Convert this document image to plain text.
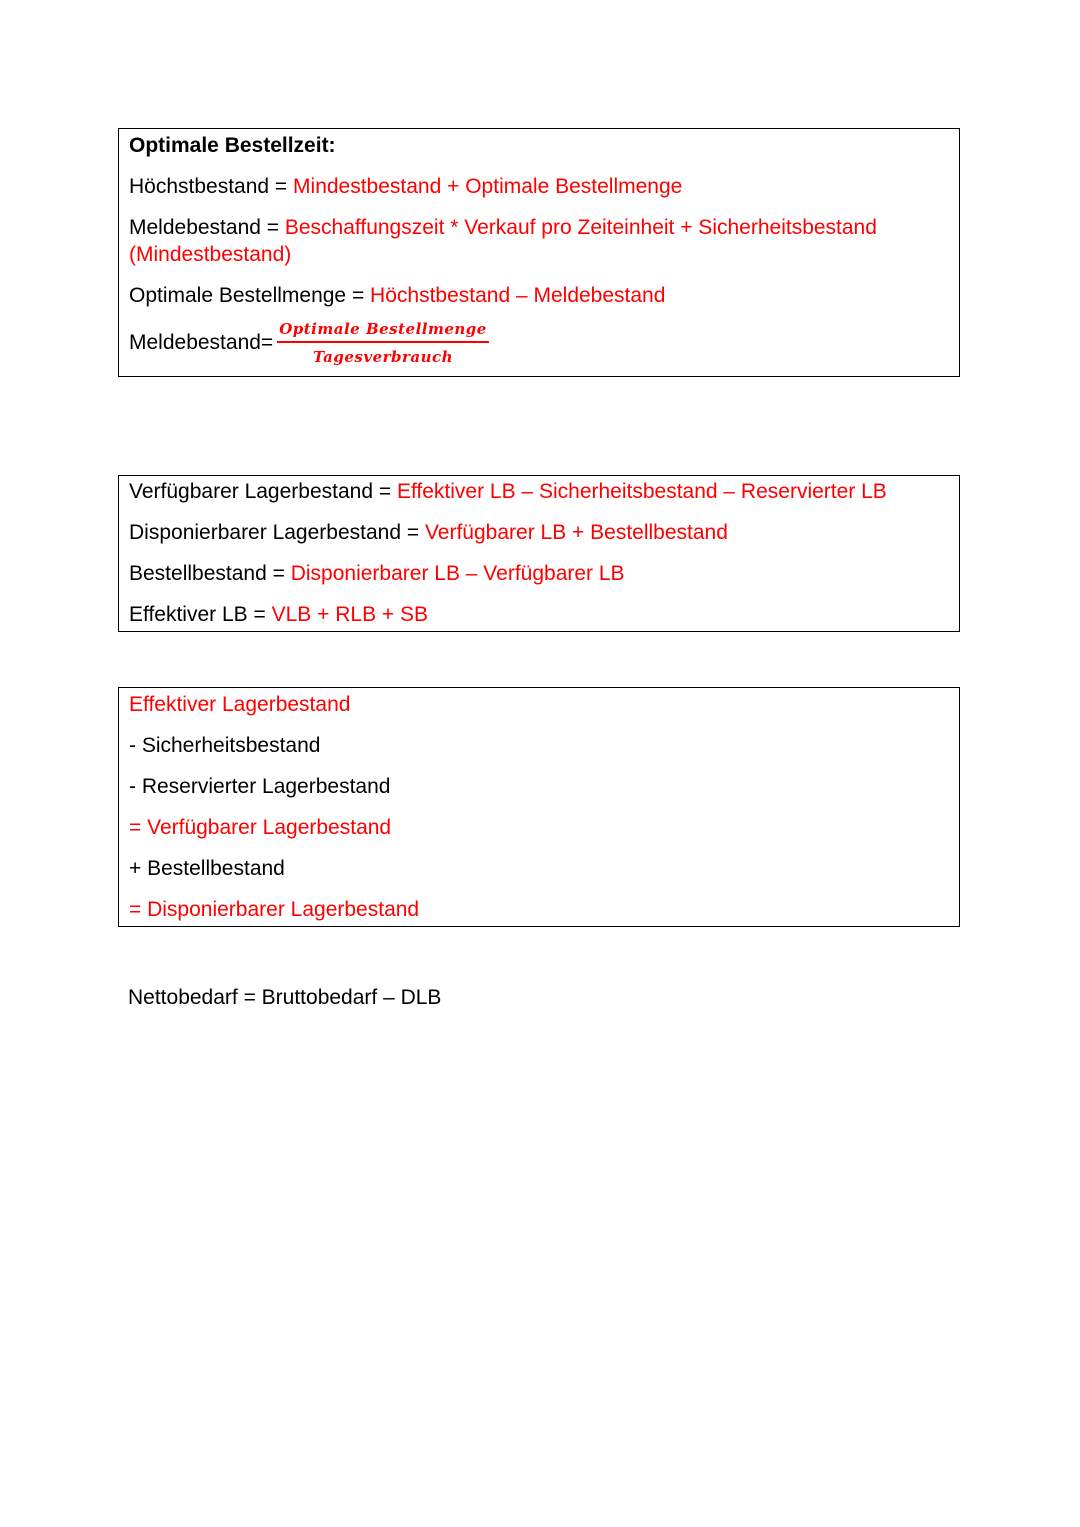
Optimale Bestellzeit:
Höchstbestand = Mindestbestand + Optimale Bestellmenge
Meldebestand = Beschaffungszeit * Verkauf pro Zeiteinheit + Sicherheitsbestand
(Mindestbestand)
Optimale Bestellmenge = Höchstbestand – Meldebestand
Meldebestand= $\frac{\text{Optimale Bestellmenge}}{\text{Tagesverbrauch}}$
Verfügbarer Lagerbestand = Effektiver LB – Sicherheitsbestand – Reservierter LB
Disponierbarer Lagerbestand = Verfügbarer LB + Bestellbestand
Bestellbestand = Disponierbarer LB – Verfügbarer LB
Effektiver LB = VLB + RLB + SB
Effektiver Lagerbestand
- Sicherheitsbestand
- Reservierter Lagerbestand
= Verfügbarer Lagerbestand
+ Bestellbestand
= Disponierbarer Lagerbestand
Nettobedarf = Bruttobedarf – DLB
